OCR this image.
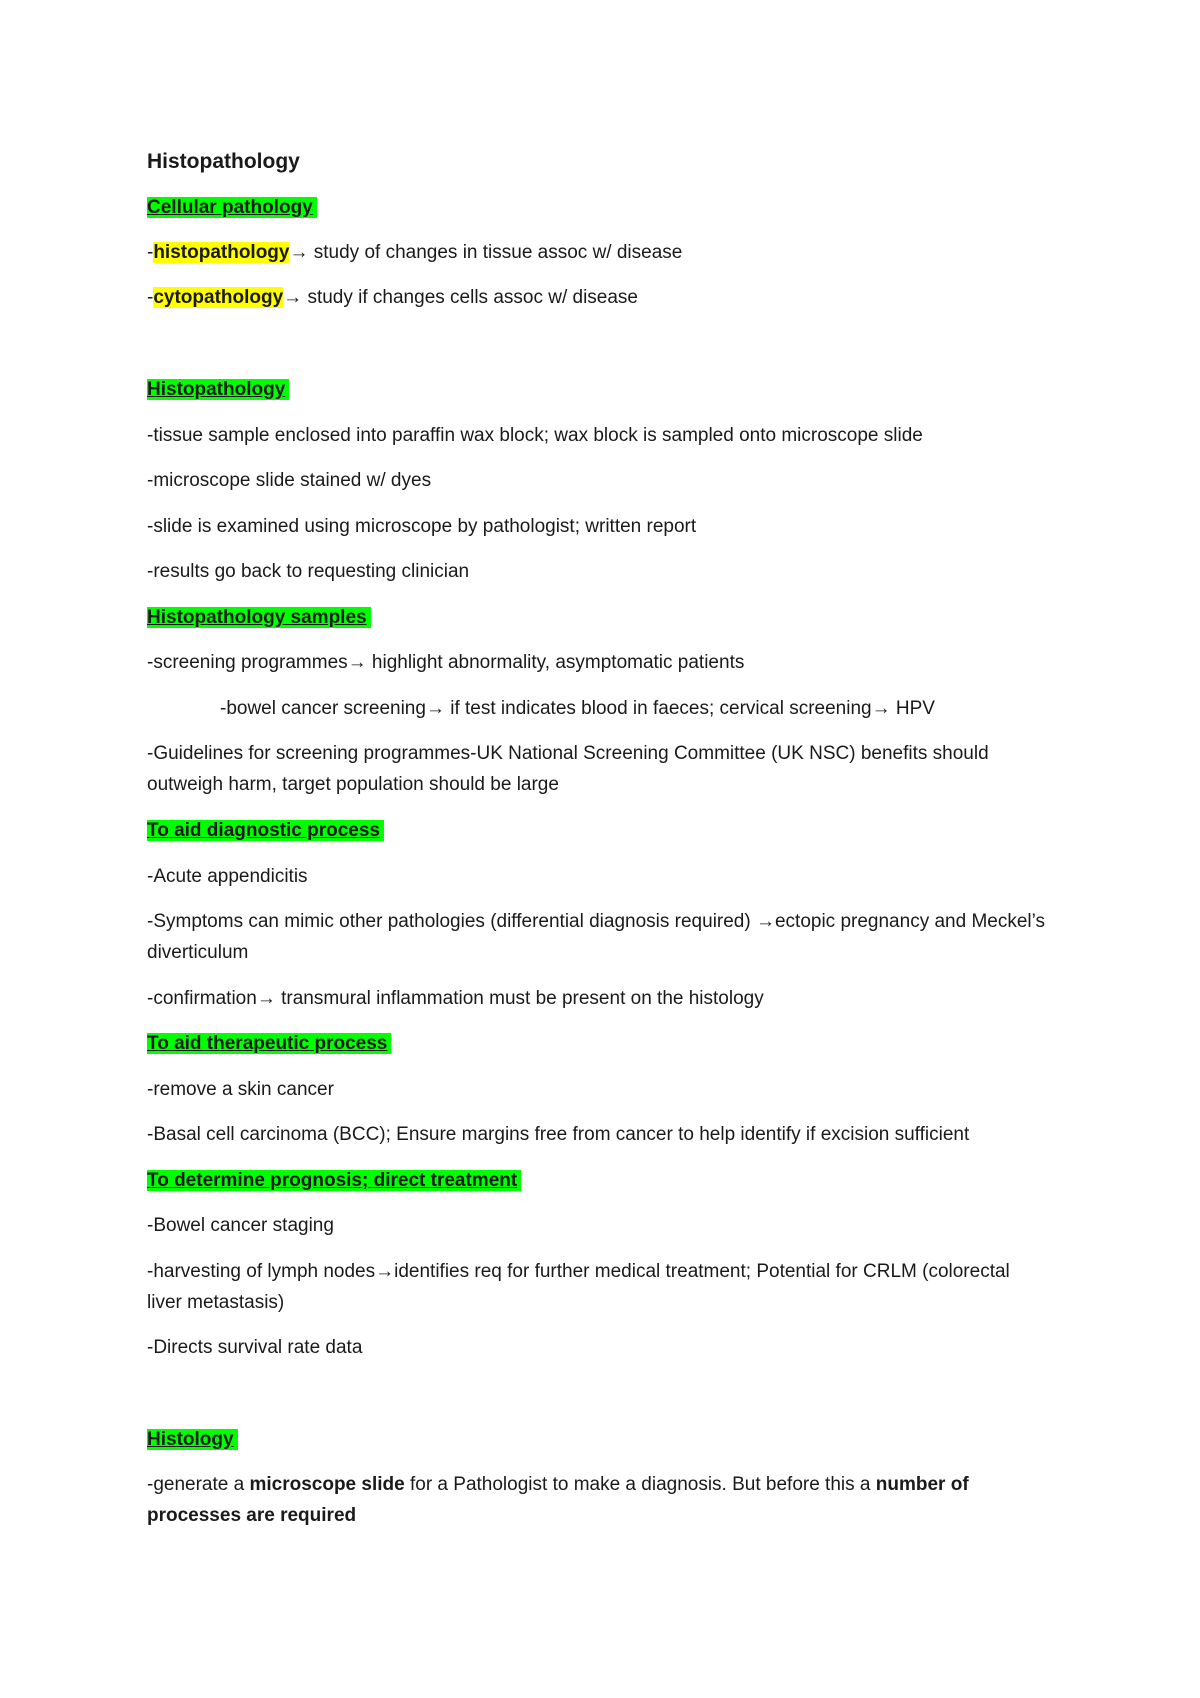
Histopathology
Cellular pathology
-histopathology→ study of changes in tissue assoc w/ disease
-cytopathology→ study if changes cells assoc w/ disease
Histopathology
-tissue sample enclosed into paraffin wax block; wax block is sampled onto microscope slide
-microscope slide stained w/ dyes
-slide is examined using microscope by pathologist; written report
-results go back to requesting clinician
Histopathology samples
-screening programmes→ highlight abnormality, asymptomatic patients
-bowel cancer screening→ if test indicates blood in faeces; cervical screening→ HPV
-Guidelines for screening programmes-UK National Screening Committee (UK NSC) benefits should outweigh harm, target population should be large
To aid diagnostic process
-Acute appendicitis
-Symptoms can mimic other pathologies (differential diagnosis required) →ectopic pregnancy and Meckel’s diverticulum
-confirmation→ transmural inflammation must be present on the histology
To aid therapeutic process
-remove a skin cancer
-Basal cell carcinoma (BCC); Ensure margins free from cancer to help identify if excision sufficient
To determine prognosis; direct treatment
-Bowel cancer staging
-harvesting of lymph nodes→identifies req for further medical treatment; Potential for CRLM (colorectal liver metastasis)
-Directs survival rate data
Histology
-generate a microscope slide for a Pathologist to make a diagnosis. But before this a number of processes are required
